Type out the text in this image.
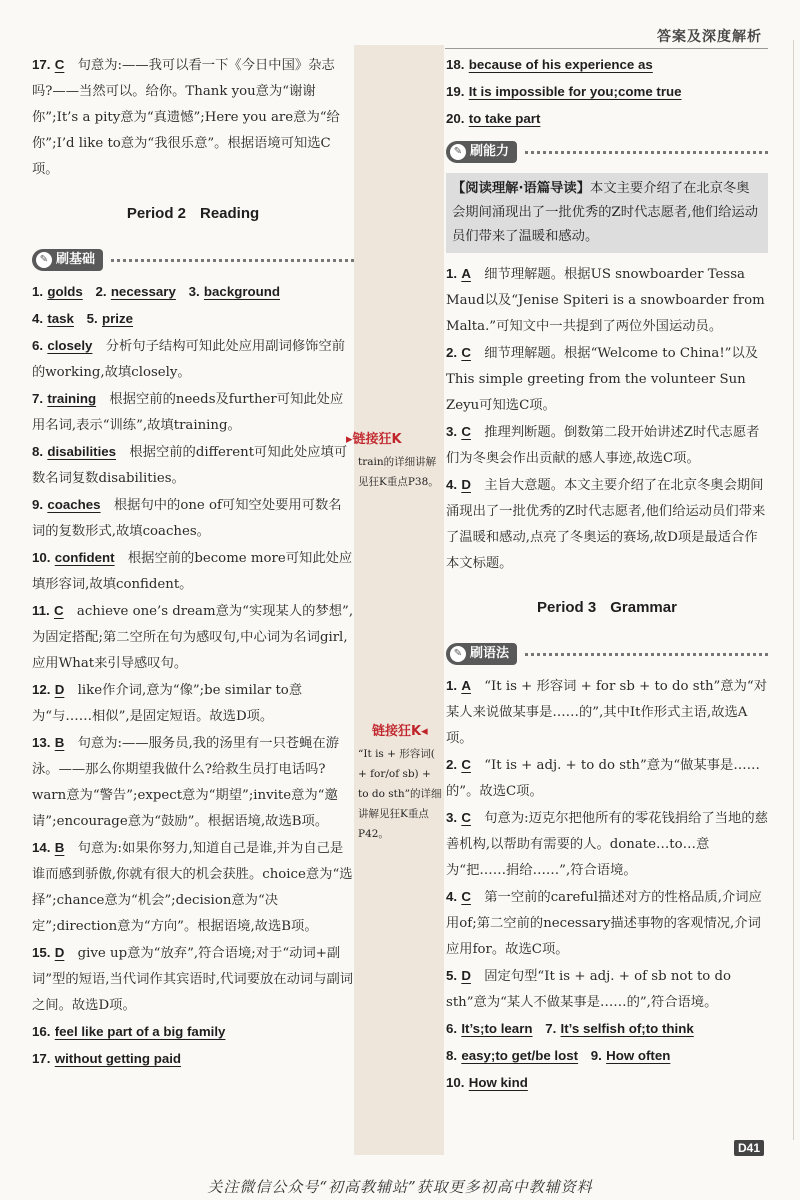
答案及深度解析
▸链接狂K
train的详细讲解见狂K重点P38。
链接狂K◂
“It is + 形容词( + for/of sb) + to do sth”的详细讲解见狂K重点P42。

17. C　 句意为:——我可以看一下《今日中国》杂志吗?——当然可以。给你。Thank you意为“谢谢你”;It’s a pity意为“真遗憾”;Here you are意为“给你”;I’d like to意为“我很乐意”。根据语境可知选C项。

Period 2 Reading
✎ 刷基础

1. golds 2. necessary 3. background

4. task 5. prize

6. closely　 分析句子结构可知此处应用副词修饰空前的working,故填closely。

7. training　 根据空前的needs及further可知此处应用名词,表示“训练”,故填training。

8. disabilities　 根据空前的different可知此处应填可数名词复数disabilities。

9. coaches　 根据句中的one of可知空处要用可数名词的复数形式,故填coaches。

10. confident　 根据空前的become more可知此处应填形容词,故填confident。

11. C　 achieve one’s dream意为“实现某人的梦想”,为固定搭配;第二空所在句为感叹句,中心词为名词girl,应用What来引导感叹句。

12. D　 like作介词,意为“像”;be similar to意为“与……相似”,是固定短语。故选D项。

13. B　 句意为:——服务员,我的汤里有一只苍蝇在游泳。——那么你期望我做什么?给救生员打电话吗?warn意为“警告”;expect意为“期望”;invite意为“邀请”;encourage意为“鼓励”。根据语境,故选B项。

14. B　 句意为:如果你努力,知道自己是谁,并为自己是谁而感到骄傲,你就有很大的机会获胜。choice意为“选择”;chance意为“机会”;decision意为“决定”;direction意为“方向”。根据语境,故选B项。

15. D　 give up意为“放弃”,符合语境;对于“动词+副词”型的短语,当代词作其宾语时,代词要放在动词与副词之间。故选D项。

16. feel like part of a big family

17. without getting paid

18. because of his experience as

19. It is impossible for you;come true

20. to take part

✎ 刷能力
【阅读理解·语篇导读】本文主要介绍了在北京冬奥会期间涌现出了一批优秀的Z时代志愿者,他们给运动员们带来了温暖和感动。

1. A　 细节理解题。根据US snowboarder Tessa Maud以及“Jenise Spiteri is a snowboarder from Malta.”可知文中一共提到了两位外国运动员。

2. C　 细节理解题。根据“Welcome to China!”以及This simple greeting from the volunteer Sun Zeyu可知选C项。

3. C　 推理判断题。倒数第二段开始讲述Z时代志愿者们为冬奥会作出贡献的感人事迹,故选C项。

4. D　 主旨大意题。本文主要介绍了在北京冬奥会期间涌现出了一批优秀的Z时代志愿者,他们给运动员们带来了温暖和感动,点亮了冬奥运的赛场,故D项是最适合作本文标题。

Period 3 Grammar
✎ 刷语法

1. A　 “It is + 形容词 + for sb + to do sth”意为“对某人来说做某事是……的”,其中It作形式主语,故选A项。

2. C　 “It is + adj. + to do sth”意为“做某事是……的”。故选C项。

3. C　 句意为:迈克尔把他所有的零花钱捐给了当地的慈善机构,以帮助有需要的人。donate…to…意为“把……捐给……”,符合语境。

4. C　 第一空前的careful描述对方的性格品质,介词应用of;第二空前的necessary描述事物的客观情况,介词应用for。故选C项。

5. D　 固定句型“It is + adj. + of sb not to do sth”意为“某人不做某事是……的”,符合语境。

6. It’s;to learn 7. It’s selfish of;to think

8. easy;to get/be lost 9. How often

10. How kind

D41
关注微信公众号“初高教辅站”获取更多初高中教辅资料
